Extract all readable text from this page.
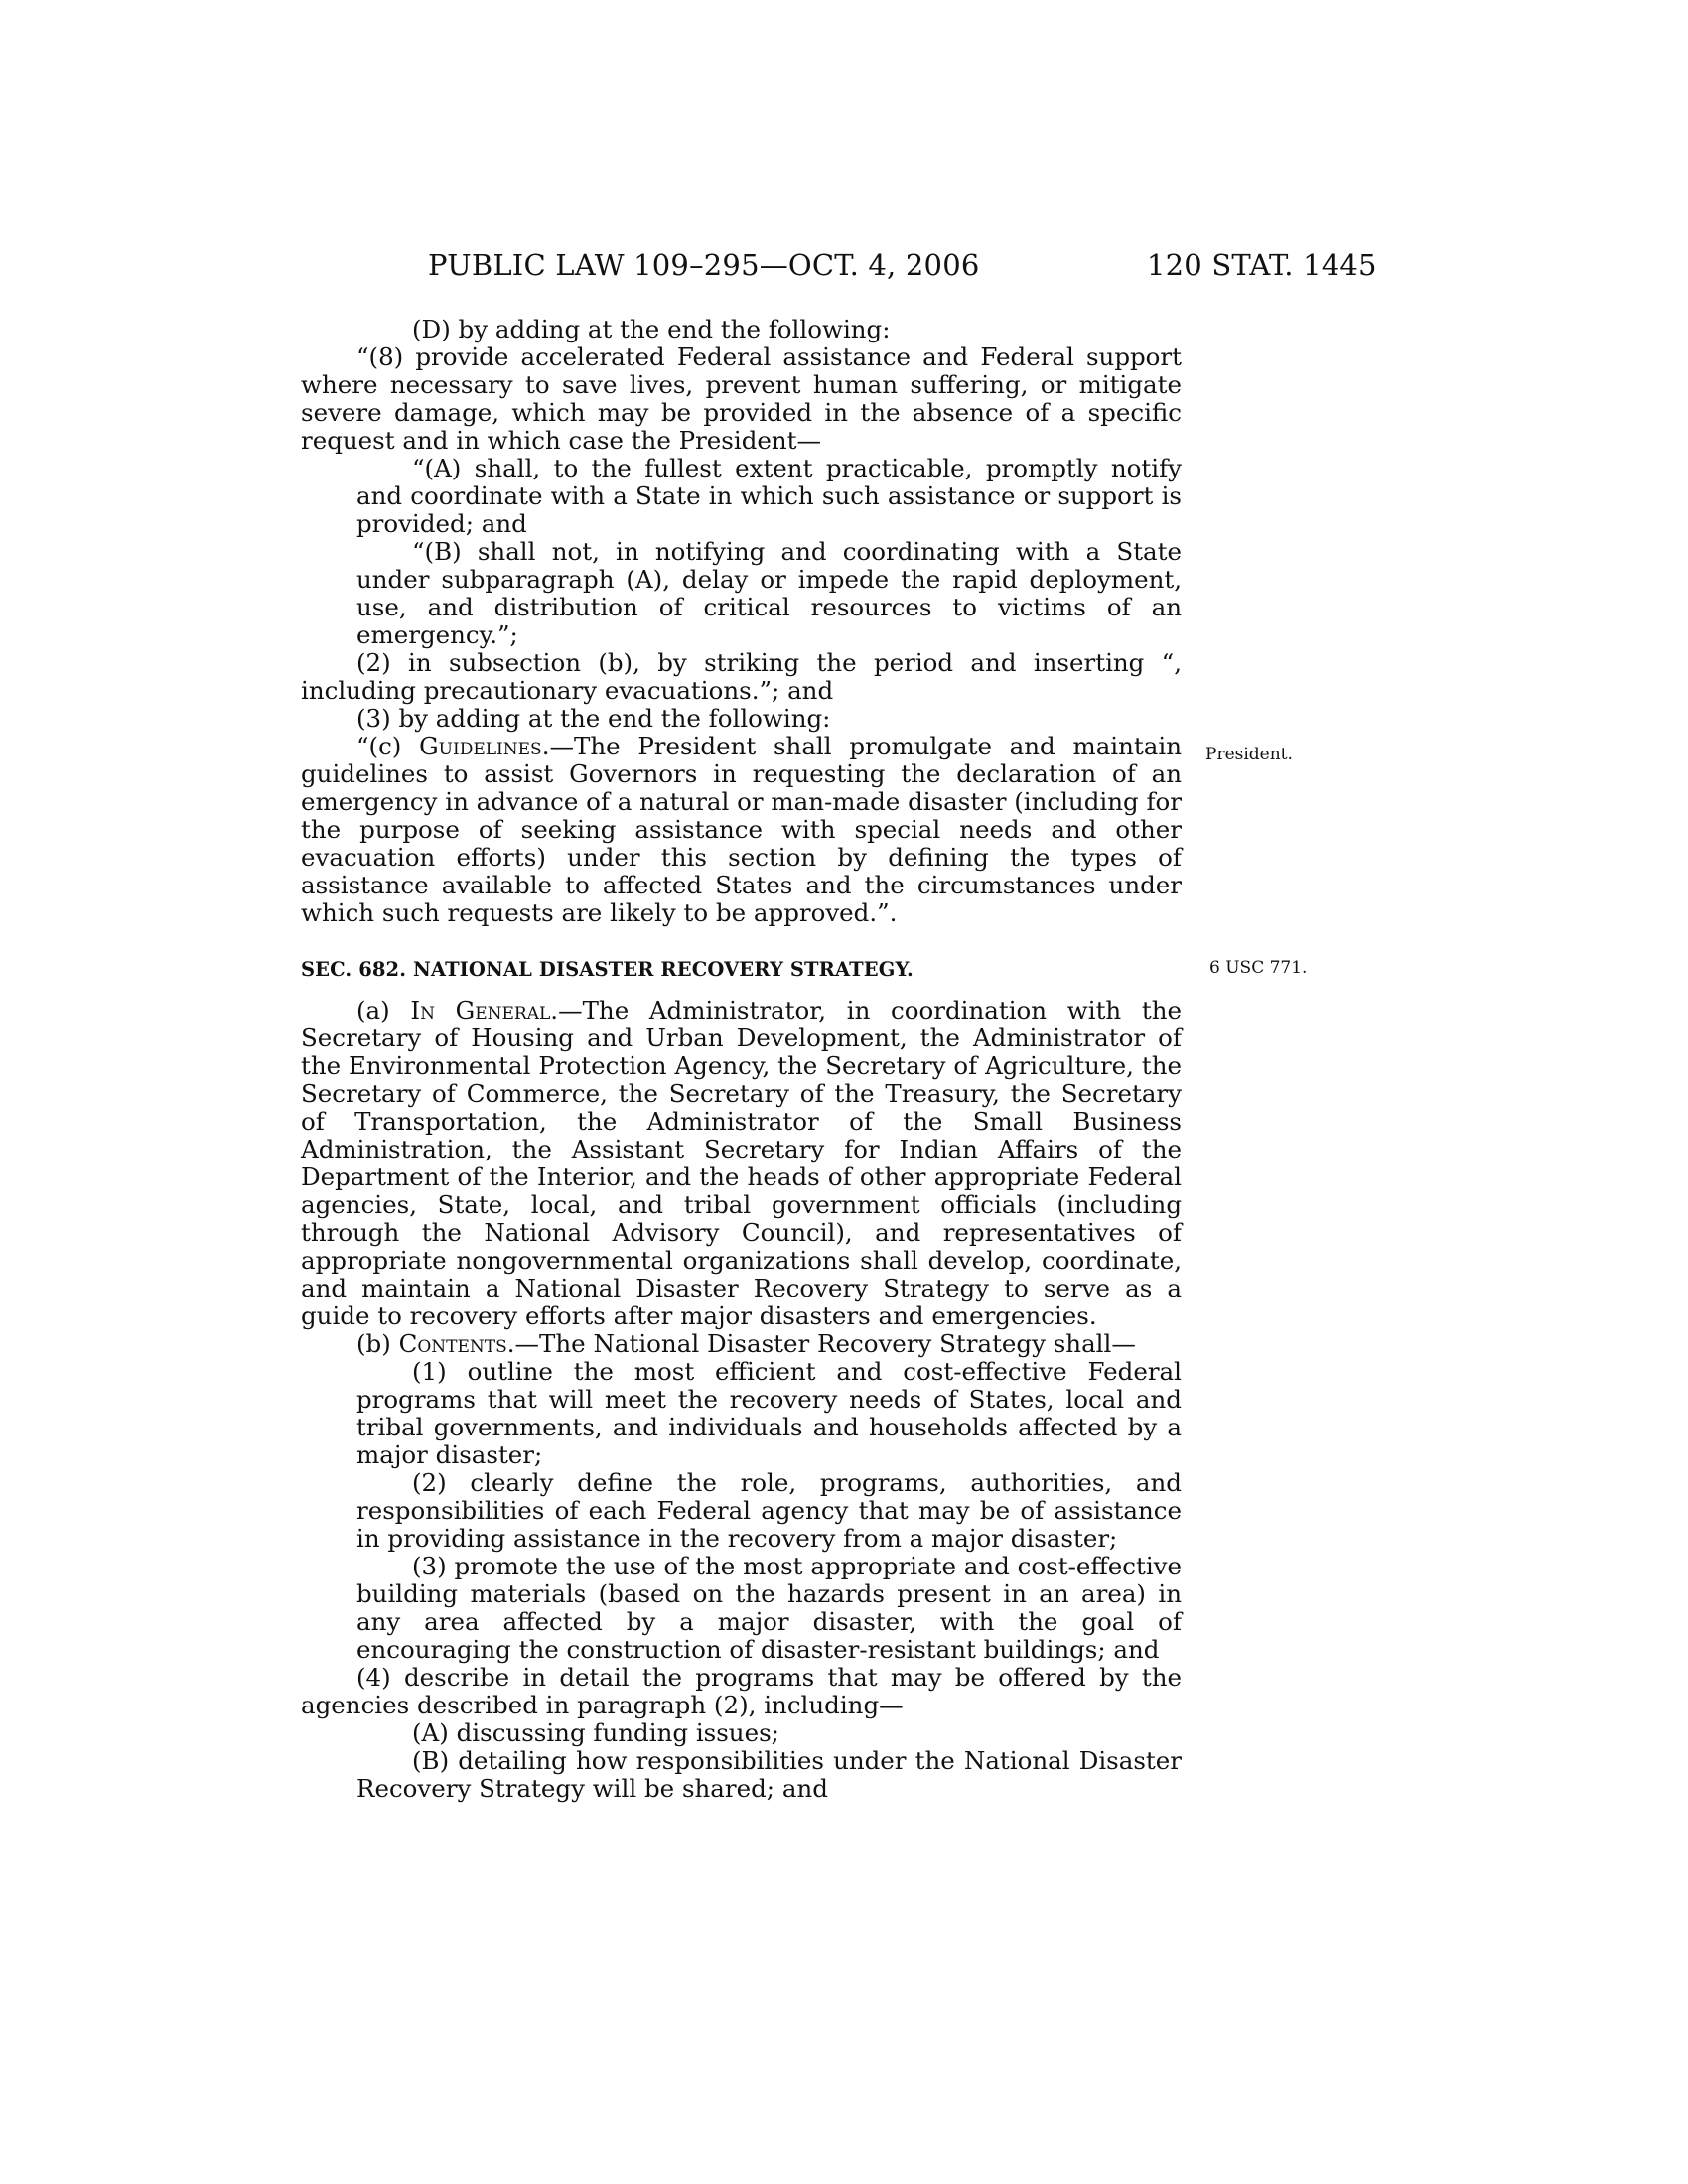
PUBLIC LAW 109–295—OCT. 4, 2006	120 STAT. 1445

(D) by adding at the end the following:

“(8) provide accelerated Federal assistance and Federal support where necessary to save lives, prevent human suffering, or mitigate severe damage, which may be provided in the absence of a specific request and in which case the President—

“(A) shall, to the fullest extent practicable, promptly notify and coordinate with a State in which such assistance or support is provided; and

“(B) shall not, in notifying and coordinating with a State under subparagraph (A), delay or impede the rapid deployment, use, and distribution of critical resources to victims of an emergency.”;

(2) in subsection (b), by striking the period and inserting “, including precautionary evacuations.”; and

(3) by adding at the end the following:

“(c) Guidelines.—The President shall promulgate and maintain guidelines to assist Governors in requesting the declaration of an emergency in advance of a natural or man-made disaster (including for the purpose of seeking assistance with special needs and other evacuation efforts) under this section by defining the types of assistance available to affected States and the circumstances under which such requests are likely to be approved.”.

President.
SEC. 682. NATIONAL DISASTER RECOVERY STRATEGY.	6 USC 771.

(a) In General.—The Administrator, in coordination with the Secretary of Housing and Urban Development, the Administrator of the Environmental Protection Agency, the Secretary of Agriculture, the Secretary of Commerce, the Secretary of the Treasury, the Secretary of Transportation, the Administrator of the Small Business Administration, the Assistant Secretary for Indian Affairs of the Department of the Interior, and the heads of other appropriate Federal agencies, State, local, and tribal government officials (including through the National Advisory Council), and representatives of appropriate nongovernmental organizations shall develop, coordinate, and maintain a National Disaster Recovery Strategy to serve as a guide to recovery efforts after major disasters and emergencies.

(b) Contents.—The National Disaster Recovery Strategy shall—

(1) outline the most efficient and cost-effective Federal programs that will meet the recovery needs of States, local and tribal governments, and individuals and households affected by a major disaster;

(2) clearly define the role, programs, authorities, and responsibilities of each Federal agency that may be of assistance in providing assistance in the recovery from a major disaster;

(3) promote the use of the most appropriate and cost-effective building materials (based on the hazards present in an area) in any area affected by a major disaster, with the goal of encouraging the construction of disaster-resistant buildings; and

(4) describe in detail the programs that may be offered by the agencies described in paragraph (2), including—

(A) discussing funding issues;

(B) detailing how responsibilities under the National Disaster Recovery Strategy will be shared; and
